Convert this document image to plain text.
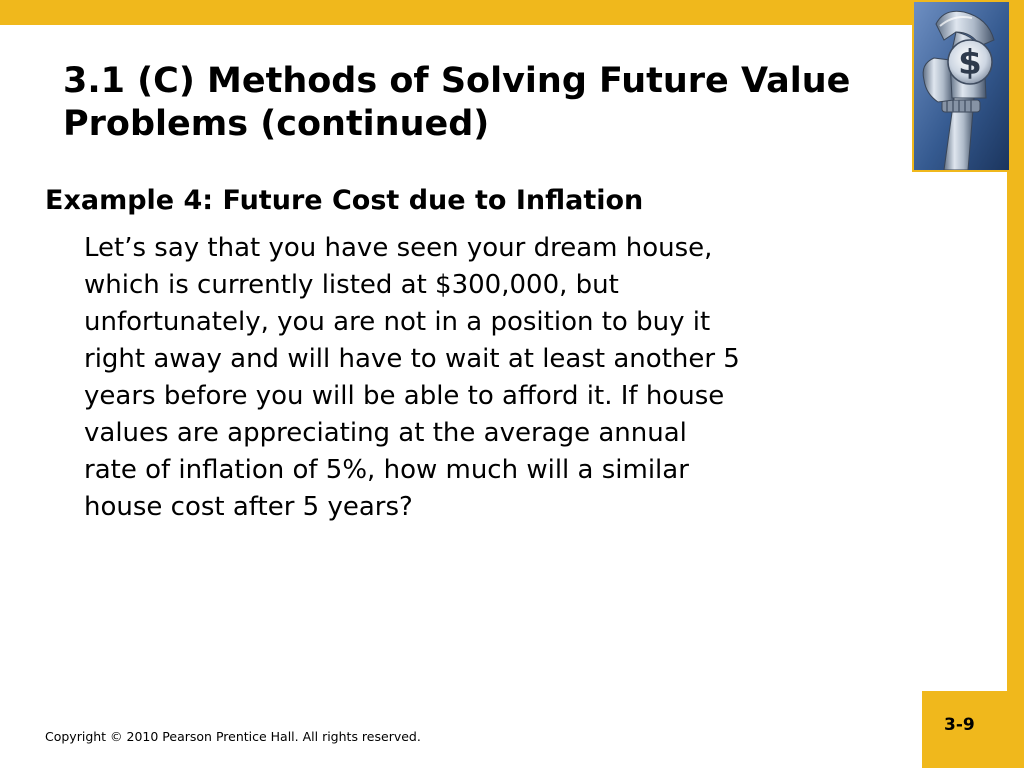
$
3.1 (C) Methods of Solving Future Value Problems (continued)
Example 4: Future Cost due to Inflation
Let’s say that you have seen your dream house,
which is currently listed at $300,000, but
unfortunately, you are not in a position to buy it
right away and will have to wait at least another 5
years before you will be able to afford it. If house
values are appreciating at the average annual
rate of inflation of 5%, how much will a similar
house cost after 5 years?

Copyright © 2010 Pearson Prentice Hall. All rights reserved.

3-9
